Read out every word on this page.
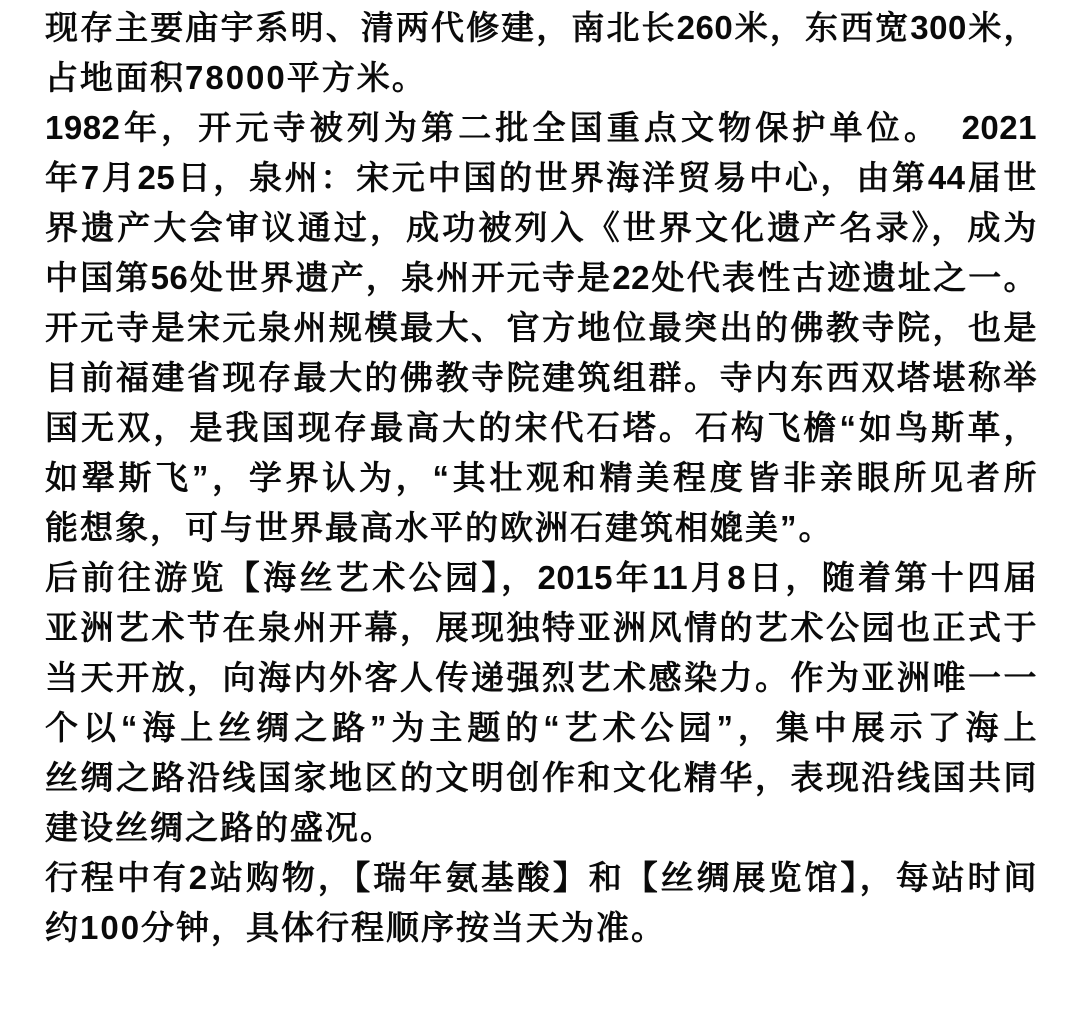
现存主要庙宇系明、清两代修建，南北长260米，东西宽300米，
占地面积78000平方米。
1982年，开元寺被列为第二批全国重点文物保护单位。　2021
年7月25日，泉州：宋元中国的世界海洋贸易中心，由第44届世
界遗产大会审议通过，成功被列入《世界文化遗产名录》，成为
中国第56处世界遗产，泉州开元寺是22处代表性古迹遗址之一。
开元寺是宋元泉州规模最大、官方地位最突出的佛教寺院，也是
目前福建省现存最大的佛教寺院建筑组群。寺内东西双塔堪称举
国无双，是我国现存最高大的宋代石塔。石构飞檐“如鸟斯革，
如翚斯飞”，学界认为，“其壮观和精美程度皆非亲眼所见者所
能想象，可与世界最高水平的欧洲石建筑相媲美”。
后前往游览【海丝艺术公园】，2015年11月8日，随着第十四届
亚洲艺术节在泉州开幕，展现独特亚洲风情的艺术公园也正式于
当天开放，向海内外客人传递强烈艺术感染力。作为亚洲唯一一
个以“海上丝绸之路”为主题的“艺术公园”，集中展示了海上
丝绸之路沿线国家地区的文明创作和文化精华，表现沿线国共同
建设丝绸之路的盛况。
行程中有2站购物，【瑞年氨基酸】和【丝绸展览馆】，每站时间
约100分钟，具体行程顺序按当天为准。
